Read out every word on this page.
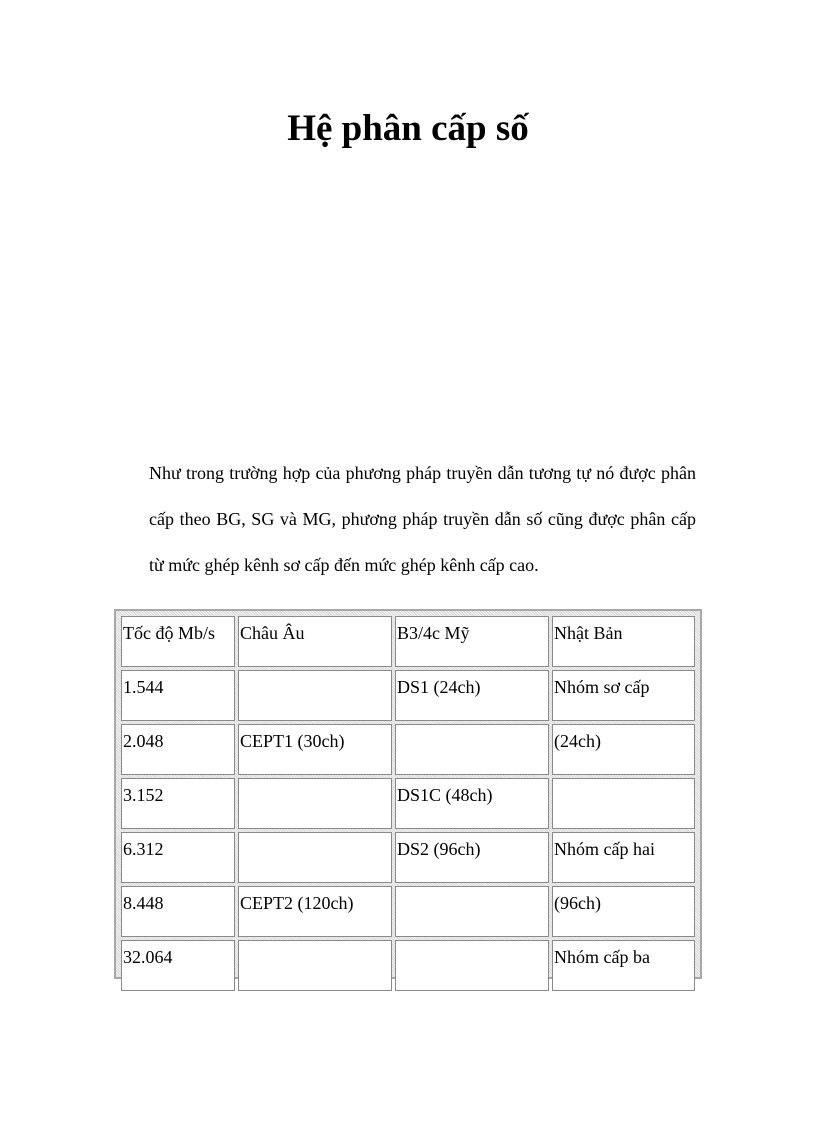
Hệ phân cấp số

Như trong trường hợp của phương pháp truyền dẫn tương tự nó được phân cấp theo BG, SG và MG, phương pháp truyền dẫn số cũng được phân cấp từ mức ghép kênh sơ cấp đến mức ghép kênh cấp cao.

Tốc độ Mb/s	Châu Âu	B3/4c Mỹ	Nhật Bản
1.544		DS1 (24ch)	Nhóm sơ cấp
2.048	CEPT1 (30ch)		(24ch)
3.152		DS1C (48ch)	
6.312		DS2 (96ch)	Nhóm cấp hai
8.448	CEPT2 (120ch)		(96ch)
32.064			Nhóm cấp ba
